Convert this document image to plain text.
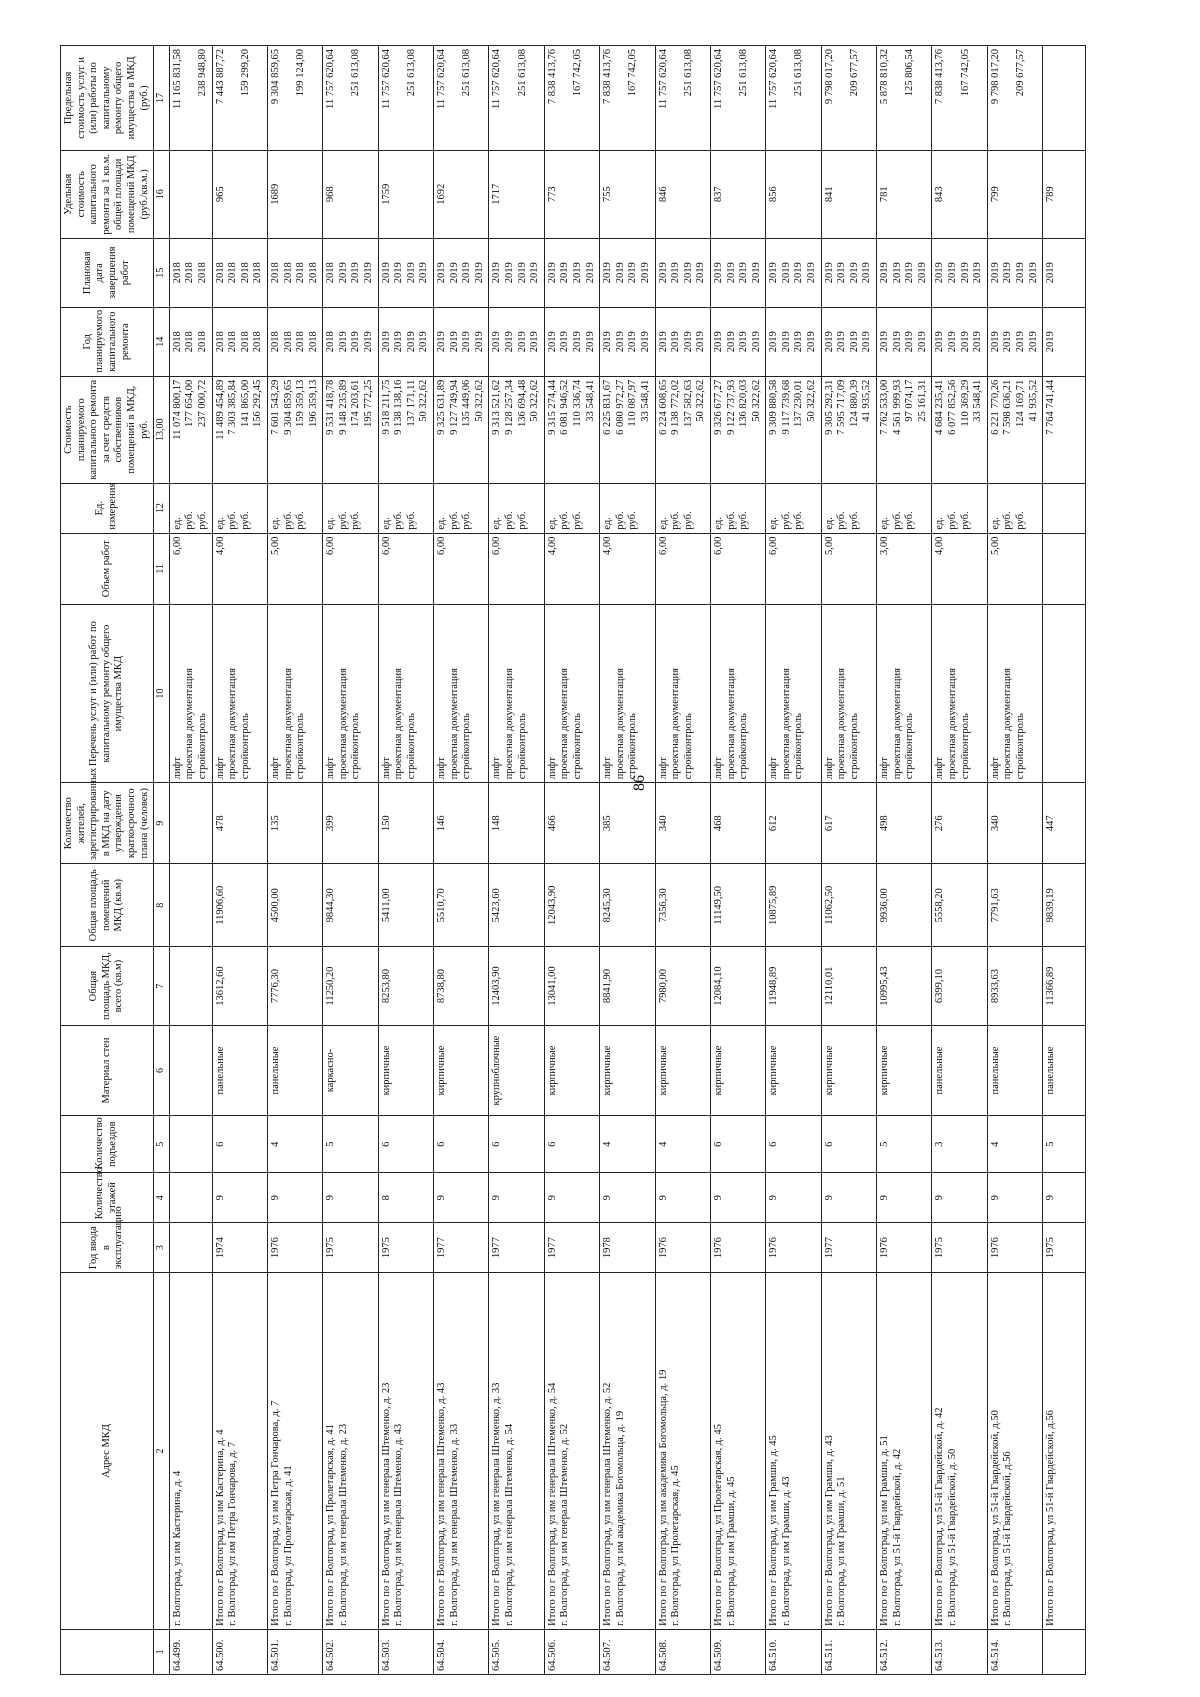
86
	Адрес МКД	Год ввода в эксплуатацию	Количество этажей	Количество подъездов	Материал стен	Общая площадь МКД, всего (кв.м)	Общая площадь помещений МКД (кв.м)	Количество жителей, зарегистрированных в МКД на дату утверждения краткосрочного плана (человек)	Перечень услуг и (или) работ по капитальному ремонту общего имущества МКД	Объем работ	Ед. измерения	Стоимость планируемого капитального ремонта за счет средств собственников помещений в МКД, руб.	Год планируемого капитального ремонта	Плановая дата завершения работ	Удельная стоимость капитального ремонта за 1 кв.м. общей площади помещений МКД (руб./кв.м.)	Предельная стоимость услуг и (или) работы по капитальному ремонту общего имущества в МКД (руб.)
1	2	3	4	5	6	7	8	9	10	11	12	13,00	14	15	16	17
64.499.	г. Волгоград, ул им Кастерина, д. 4								лифт проектная документация стройконтроль	6,00	ед. руб. руб.	11 074 800,17 177 654,00 237 000,72	2018 2018 2018	2018 2018 2018		11 165 831,58
238 948,80

64.500.	Итого по г Волгоград, ул им Кастерина, д. 4 г. Волгоград, ул им Петра Гончарова, д. 7	1974	9	6	панельные	13612,60	11906,60	478	лифт проектная документация стройконтроль	4,00	ед. руб. руб.	11 489 454,89 7 303 385,84 141 865,00 156 292,45	2018 2018 2018 2018	2018 2018 2018 2018	965	7 443 887,72
159 299,20

64.501.	Итого по г Волгоград, ул им Петра Гончарова, д. 7 г. Волгоград, ул Пролетарская, д. 41	1976	9	4	панельные	7776,30	4500,00	135	лифт проектная документация стройконтроль	5,00	ед. руб. руб.	7 601 543,29 9 304 859,65 159 359,13 196 359,13	2018 2018 2018 2018	2018 2018 2018 2018	1689	9 304 859,65
199 124,00

64.502.	Итого по г Волгоград, ул Пролетарская, д. 41 г. Волгоград, ул им генерала Штеменко, д. 23	1975	9	5	каркасно-	11250,20	9844,30	399	лифт проектная документация стройконтроль	6,00	ед. руб. руб.	9 531 418,78 9 148 235,89 174 203,61 195 772,25	2018 2019 2019 2019	2018 2019 2019 2019	968	11 757 620,64
251 613,08

64.503.	Итого по г Волгоград, ул им генерала Штеменко, д. 23 г. Волгоград, ул им генерала Штеменко, д. 43	1975	8	6	кирпичные	8253,80	5411,00	150	лифт проектная документация стройконтроль	6,00	ед. руб. руб.	9 518 211,75 9 138 138,16 137 171,11 50 322,62	2019 2019 2019 2019	2019 2019 2019 2019	1759	11 757 620,64
251 613,08

64.504.	Итого по г Волгоград, ул им генерала Штеменко, д. 43 г. Волгоград, ул им генерала Штеменко, д. 33	1977	9	6	кирпичные	8738,80	5510,70	146	лифт проектная документация стройконтроль	6,00	ед. руб. руб.	9 325 631,89 9 127 749,94 135 449,06 50 322,62	2019 2019 2019 2019	2019 2019 2019 2019	1692	11 757 620,64
251 613,08

64.505.	Итого по г Волгоград, ул им генерала Штеменко, д. 33 г. Волгоград, ул им генерала Штеменко, д. 54	1977	9	6	крупноблочные	12403,90	5423,60	148	лифт проектная документация стройконтроль	6,00	ед. руб. руб.	9 313 521,62 9 128 257,34 136 694,48 50 322,62	2019 2019 2019 2019	2019 2019 2019 2019	1717	11 757 620,64
251 613,08

64.506.	Итого по г Волгоград, ул им генерала Штеменко, д. 54 г. Волгоград, ул им генерала Штеменко, д. 52	1977	9	6	кирпичные	13041,00	12043,90	466	лифт проектная документация стройконтроль	4,00	ед. руб. руб.	9 315 274,44 6 081 946,52 110 336,74 33 548,41	2019 2019 2019 2019	2019 2019 2019 2019	773	7 838 413,76
167 742,05

64.507.	Итого по г Волгоград, ул им генерала Штеменко, д. 52 г. Волгоград, ул им академика Богомольца, д. 19	1978	9	4	кирпичные	8841,90	8245,30	385	лифт проектная документация стройконтроль	4,00	ед. руб. руб.	6 225 831,67 6 080 972,27 110 087,97 33 548,41	2019 2019 2019 2019	2019 2019 2019 2019	755	7 838 413,76
167 742,05

64.508.	Итого по г Волгоград, ул им академика Богомольца, д. 19 г. Волгоград, ул Пролетарская, д. 45	1976	9	4	кирпичные	7980,00	7356,30	340	лифт проектная документация стройконтроль	6,00	ед. руб. руб.	6 224 608,65 9 138 772,02 137 582,63 50 322,62	2019 2019 2019 2019	2019 2019 2019 2019	846	11 757 620,64
251 613,08

64.509.	Итого по г Волгоград, ул Пролетарская, д. 45 г. Волгоград, ул им Грамши, д. 45	1976	9	6	кирпичные	12084,10	11149,50	468	лифт проектная документация стройконтроль	6,00	ед. руб. руб.	9 326 677,27 9 122 737,93 136 820,03 50 322,62	2019 2019 2019 2019	2019 2019 2019 2019	837	11 757 620,64
251 613,08

64.510.	Итого по г Волгоград, ул им Грамши, д. 45 г. Волгоград, ул им Грамши, д. 43	1976	9	6	кирпичные	11948,89	10875,89	612	лифт проектная документация стройконтроль	6,00	ед. руб. руб.	9 309 880,58 9 117 739,68 137 230,01 50 322,62	2019 2019 2019 2019	2019 2019 2019 2019	856	11 757 620,64
251 613,08

64.511.	Итого по г Волгоград, ул им Грамши, д. 43 г. Волгоград, ул им Грамши, д. 51	1977	9	6	кирпичные	12110,01	11062,50	617	лифт проектная документация стройконтроль	5,00	ед. руб. руб.	9 305 292,31 7 595 717,09 124 880,39 41 935,52	2019 2019 2019 2019	2019 2019 2019 2019	841	9 798 017,20
209 677,57

64.512.	Итого по г Волгоград, ул им Грамши, д. 51 г. Волгоград, ул 51-й Гвардейской, д. 42	1976	9	5	кирпичные	10995,43	9936,00	498	лифт проектная документация стройконтроль	3,00	ед. руб. руб.	7 762 533,00 4 561 999,93 97 074,17 25 161,31	2019 2019 2019 2019	2019 2019 2019 2019	781	5 878 810,32
125 806,54

64.513.	Итого по г Волгоград, ул 51-й Гвардейской, д. 42 г. Волгоград, ул 51-й Гвардейской, д. 50	1975	9	3	панельные	6399,10	5558,20	276	лифт проектная документация стройконтроль	4,00	ед. руб. руб.	4 684 235,41 6 077 852,56 110 369,29 33 548,41	2019 2019 2019 2019	2019 2019 2019 2019	843	7 838 413,76
167 742,05

64.514.	Итого по г Волгоград, ул 51-й Гвардейской, д.50 г. Волгоград, ул 51-й Гвардейской, д.56	1976	9	4	панельные	8933,63	7791,63	340	лифт проектная документация стройконтроль	5,00	ед. руб. руб.	6 221 770,26 7 598 636,21 124 169,71 41 935,52	2019 2019 2019 2019	2019 2019 2019 2019	799	9 798 017,20
209 677,57

	Итого по г Волгоград, ул 51-й Гвардейской, д.56	1975	9	5	панельные	11366,89	9839,19	447				7 764 741,44	2019	2019	789	
